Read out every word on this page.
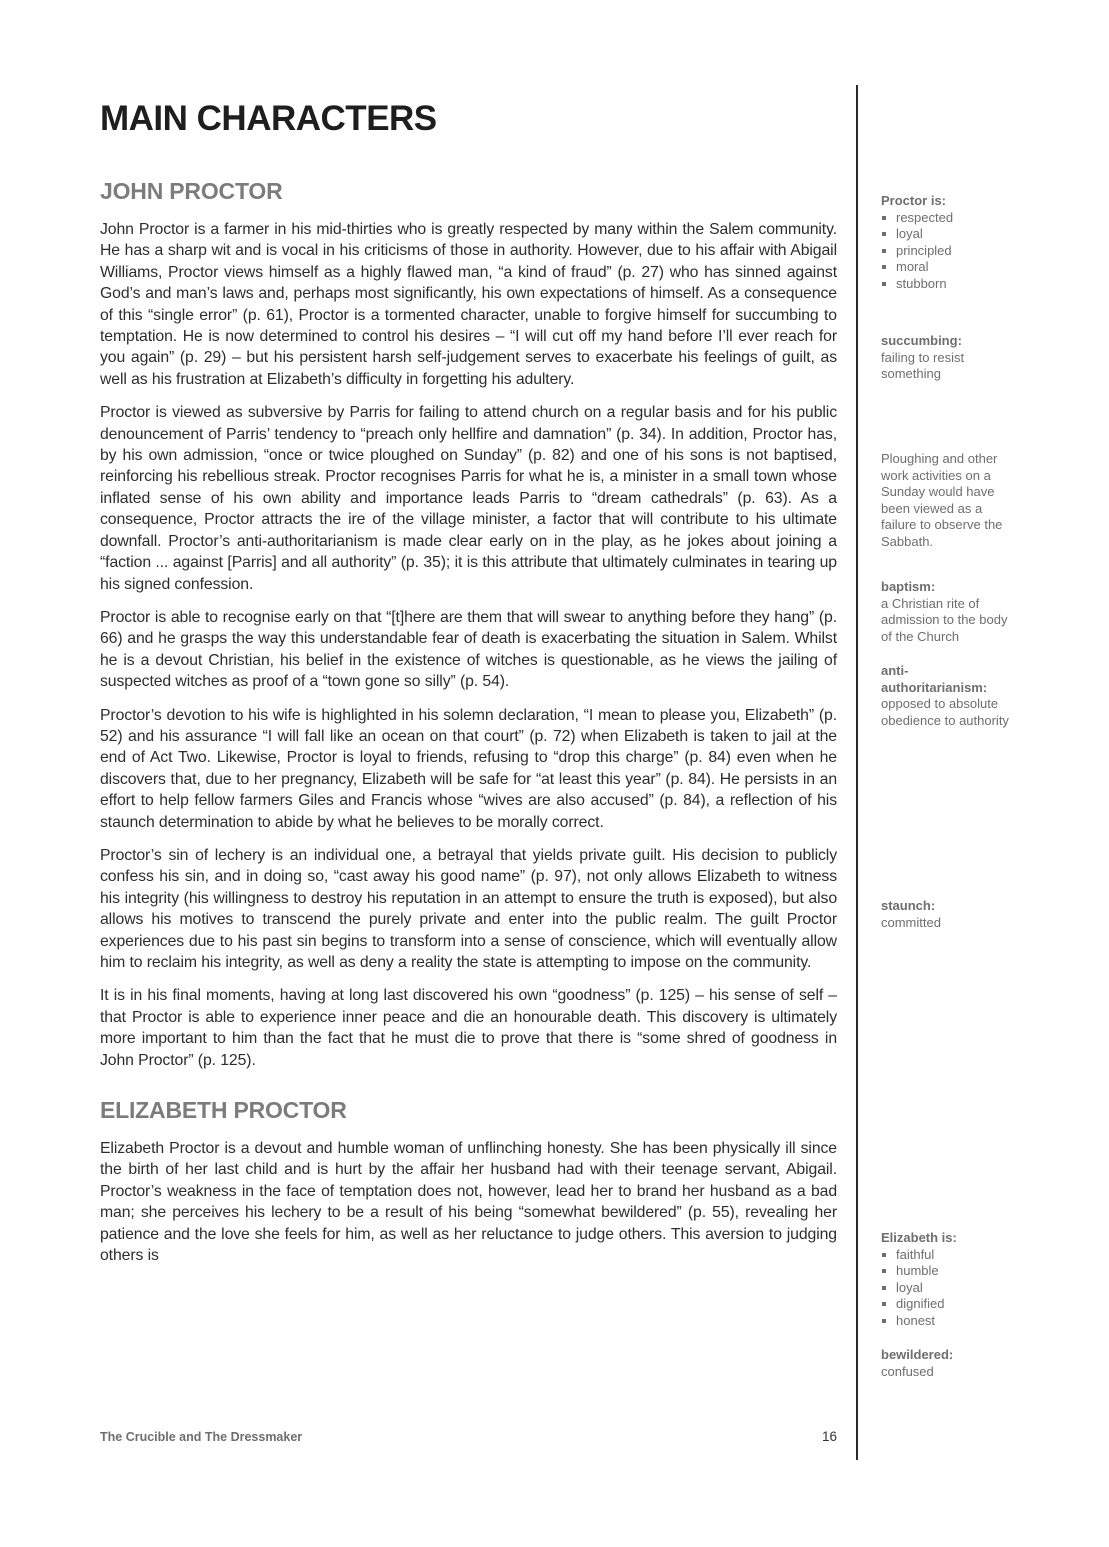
MAIN CHARACTERS
JOHN PROCTOR

John Proctor is a farmer in his mid-thirties who is greatly respected by many within the Salem community. He has a sharp wit and is vocal in his criticisms of those in authority. However, due to his affair with Abigail Williams, Proctor views himself as a highly flawed man, “a kind of fraud” (p. 27) who has sinned against God’s and man’s laws and, perhaps most significantly, his own expectations of himself. As a consequence of this “single error” (p. 61), Proctor is a tormented character, unable to forgive himself for succumbing to temptation. He is now determined to control his desires – “I will cut off my hand before I’ll ever reach for you again” (p. 29) – but his persistent harsh self-judgement serves to exacerbate his feelings of guilt, as well as his frustration at Elizabeth’s difficulty in forgetting his adultery.

Proctor is viewed as subversive by Parris for failing to attend church on a regular basis and for his public denouncement of Parris’ tendency to “preach only hellfire and damnation” (p. 34). In addition, Proctor has, by his own admission, “once or twice ploughed on Sunday” (p. 82) and one of his sons is not baptised, reinforcing his rebellious streak. Proctor recognises Parris for what he is, a minister in a small town whose inflated sense of his own ability and importance leads Parris to “dream cathedrals” (p. 63). As a consequence, Proctor attracts the ire of the village minister, a factor that will contribute to his ultimate downfall. Proctor’s anti-authoritarianism is made clear early on in the play, as he jokes about joining a “faction ... against [Parris] and all authority” (p. 35); it is this attribute that ultimately culminates in tearing up his signed confession.

Proctor is able to recognise early on that “[t]here are them that will swear to anything before they hang” (p. 66) and he grasps the way this understandable fear of death is exacerbating the situation in Salem. Whilst he is a devout Christian, his belief in the existence of witches is questionable, as he views the jailing of suspected witches as proof of a “town gone so silly” (p. 54).

Proctor’s devotion to his wife is highlighted in his solemn declaration, “I mean to please you, Elizabeth” (p. 52) and his assurance “I will fall like an ocean on that court” (p. 72) when Elizabeth is taken to jail at the end of Act Two. Likewise, Proctor is loyal to friends, refusing to “drop this charge” (p. 84) even when he discovers that, due to her pregnancy, Elizabeth will be safe for “at least this year” (p. 84). He persists in an effort to help fellow farmers Giles and Francis whose “wives are also accused” (p. 84), a reflection of his staunch determination to abide by what he believes to be morally correct.

Proctor’s sin of lechery is an individual one, a betrayal that yields private guilt. His decision to publicly confess his sin, and in doing so, “cast away his good name” (p. 97), not only allows Elizabeth to witness his integrity (his willingness to destroy his reputation in an attempt to ensure the truth is exposed), but also allows his motives to transcend the purely private and enter into the public realm. The guilt Proctor experiences due to his past sin begins to transform into a sense of conscience, which will eventually allow him to reclaim his integrity, as well as deny a reality the state is attempting to impose on the community.

It is in his final moments, having at long last discovered his own “goodness” (p. 125) – his sense of self – that Proctor is able to experience inner peace and die an honourable death. This discovery is ultimately more important to him than the fact that he must die to prove that there is “some shred of goodness in John Proctor” (p. 125).

ELIZABETH PROCTOR

Elizabeth Proctor is a devout and humble woman of unflinching honesty. She has been physically ill since the birth of her last child and is hurt by the affair her husband had with their teenage servant, Abigail. Proctor’s weakness in the face of temptation does not, however, lead her to brand her husband as a bad man; she perceives his lechery to be a result of his being “somewhat bewildered” (p. 55), revealing her patience and the love she feels for him, as well as her reluctance to judge others. This aversion to judging others is

Proctor is:
respected
loyal
principled
moral
stubborn
succumbing:
failing to resist something
Ploughing and other work activities on a Sunday would have been viewed as a failure to observe the Sabbath.
baptism:
a Christian rite of admission to the body of the Church
anti-authoritarianism:
opposed to absolute obedience to authority
staunch:
committed
Elizabeth is:
faithful
humble
loyal
dignified
honest
bewildered:
confused
The Crucible and The Dressmaker	16
